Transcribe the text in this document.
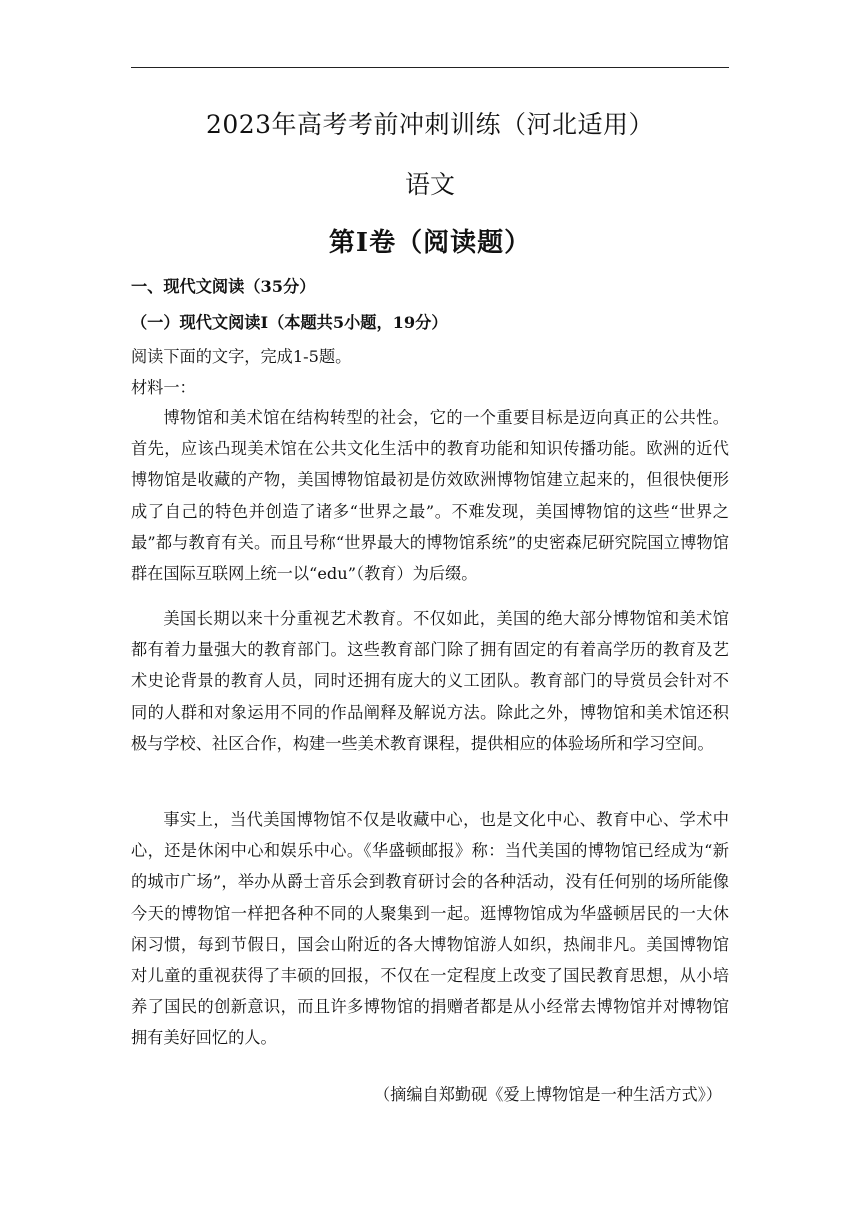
2023年高考考前冲刺训练（河北适用）
语文
第Ⅰ卷（阅读题）
一、现代文阅读（35分）
（一）现代文阅读Ⅰ（本题共5小题，19分）
阅读下面的文字，完成1-5题。
材料一：

博物馆和美术馆在结构转型的社会，它的一个重要目标是迈向真正的公共性。首先，应该凸现美术馆在公共文化生活中的教育功能和知识传播功能。欧洲的近代博物馆是收藏的产物，美国博物馆最初是仿效欧洲博物馆建立起来的，但很快便形成了自己的特色并创造了诸多“世界之最”。不难发现，美国博物馆的这些“世界之最”都与教育有关。而且号称“世界最大的博物馆系统”的史密森尼研究院国立博物馆群在国际互联网上统一以“edu”（教育）为后缀。

美国长期以来十分重视艺术教育。不仅如此，美国的绝大部分博物馆和美术馆都有着力量强大的教育部门。这些教育部门除了拥有固定的有着高学历的教育及艺术史论背景的教育人员，同时还拥有庞大的义工团队。教育部门的导赏员会针对不同的人群和对象运用不同的作品阐释及解说方法。除此之外，博物馆和美术馆还积极与学校、社区合作，构建一些美术教育课程，提供相应的体验场所和学习空间。

事实上，当代美国博物馆不仅是收藏中心，也是文化中心、教育中心、学术中心，还是休闲中心和娱乐中心。《华盛顿邮报》称：当代美国的博物馆已经成为“新的城市广场”，举办从爵士音乐会到教育研讨会的各种活动，没有任何别的场所能像今天的博物馆一样把各种不同的人聚集到一起。逛博物馆成为华盛顿居民的一大休闲习惯，每到节假日，国会山附近的各大博物馆游人如织，热闹非凡。美国博物馆对儿童的重视获得了丰硕的回报，不仅在一定程度上改变了国民教育思想，从小培养了国民的创新意识，而且许多博物馆的捐赠者都是从小经常去博物馆并对博物馆拥有美好回忆的人。

（摘编自郑勤砚《爱上博物馆是一种生活方式》）
